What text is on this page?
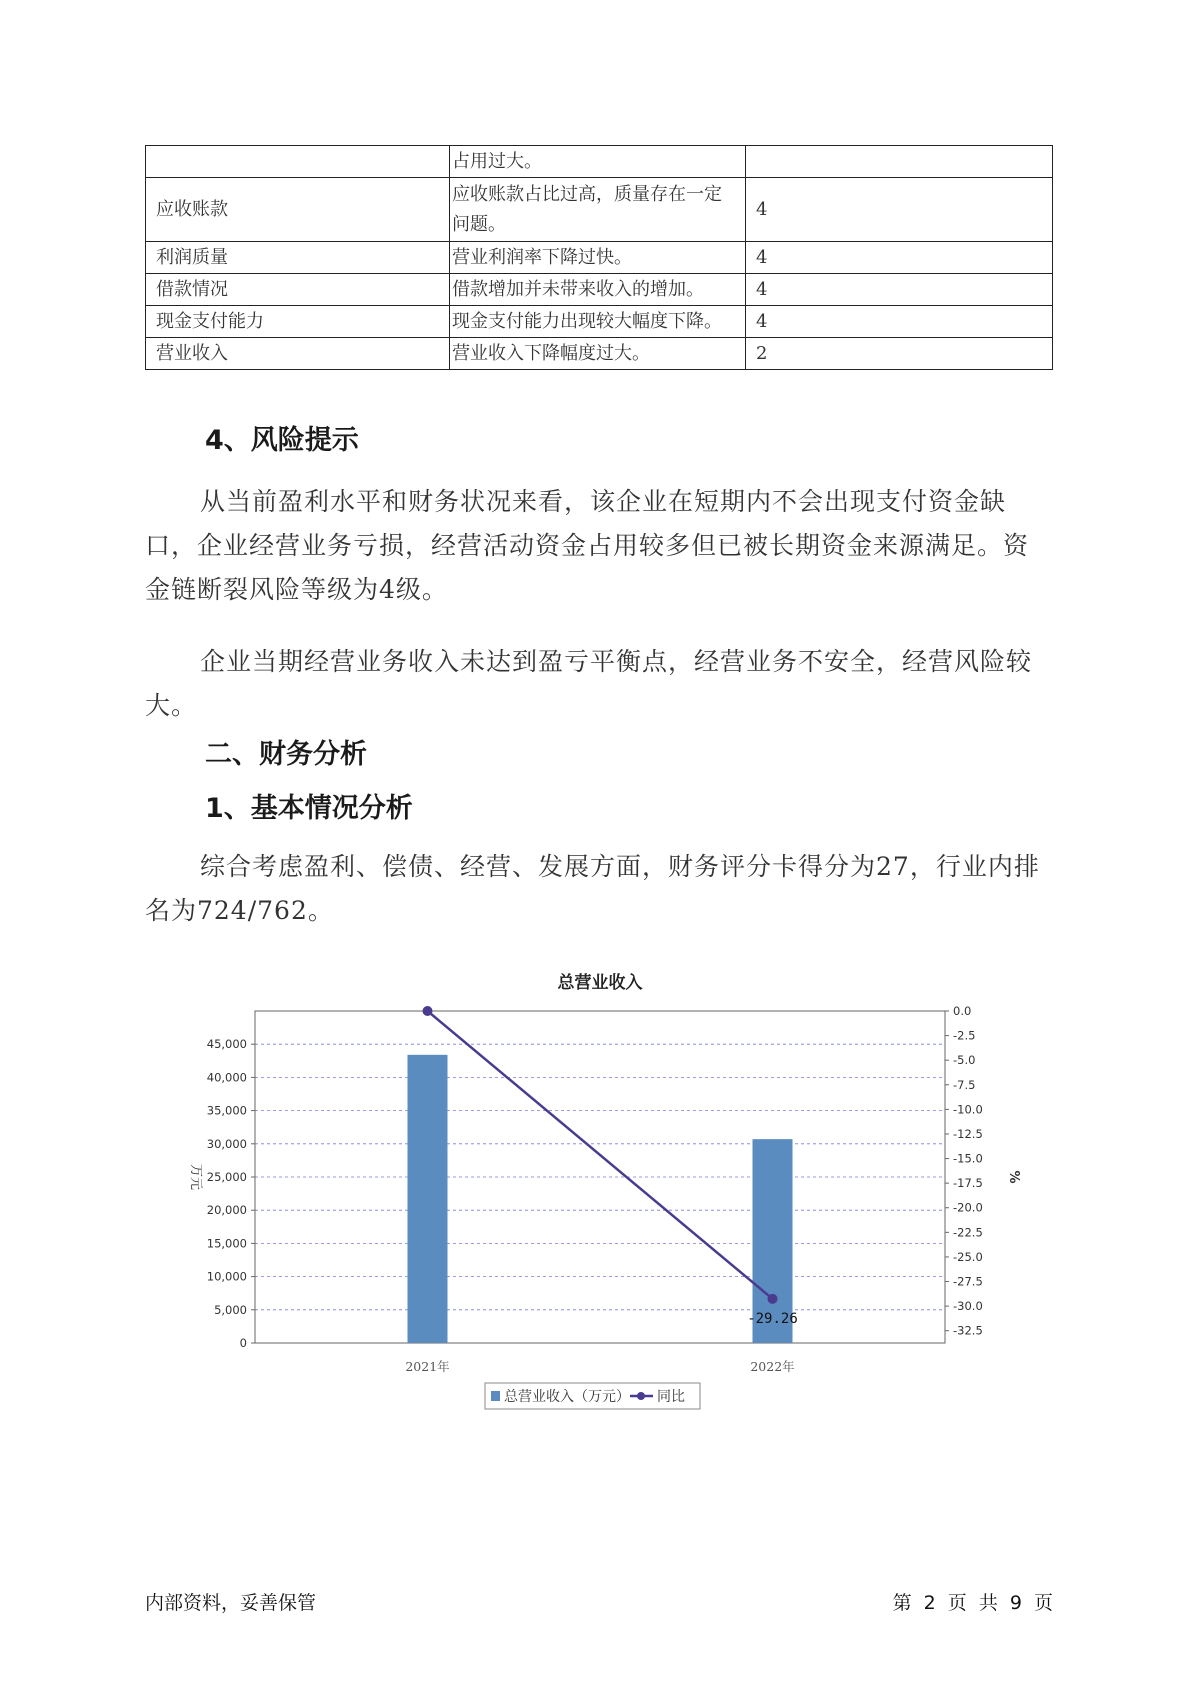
	占用过大。	
应收账款	应收账款占比过高，质量存在一定问题。	4
利润质量	营业利润率下降过快。	4
借款情况	借款增加并未带来收入的增加。	4
现金支付能力	现金支付能力出现较大幅度下降。	4
营业收入	营业收入下降幅度过大。	2
4、风险提示
从当前盈利水平和财务状况来看，该企业在短期内不会出现支付资金缺口，企业经营业务亏损，经营活动资金占用较多但已被长期资金来源满足。资金链断裂风险等级为4级。
企业当期经营业务收入未达到盈亏平衡点，经营业务不安全，经营风险较大。
二、财务分析
1、基本情况分析
综合考虑盈利、偿债、经营、发展方面，财务评分卡得分为27，行业内排名为724/762。
总营业收入
0
5,000
10,000
15,000
20,000
25,000
30,000
35,000
40,000
45,000
0.0
-2.5
-5.0
-7.5
-10.0
-12.5
-15.0
-17.5
-20.0
-22.5
-25.0
-27.5
-30.0
-32.5
万元	%
2021年	2022年
-29.26
总营业收入（万元） 同比
内部资料，妥善保管	第 2 页 共 9 页
